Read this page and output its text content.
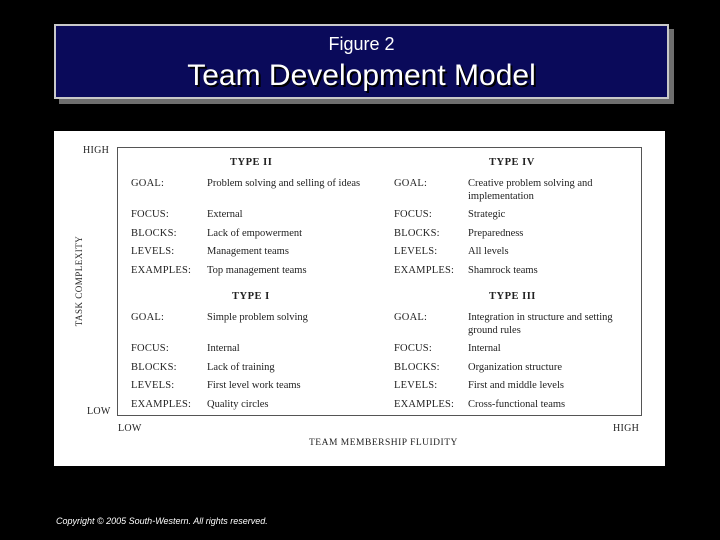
Figure 2
Team Development Model
HIGH
LOW
TASK COMPLEXITY
LOW	HIGH
TEAM MEMBERSHIP FLUIDITY
TYPE II
GOAL:	Problem solving and selling of ideas
FOCUS:	External
BLOCKS:	Lack of empowerment
LEVELS:	Management teams
EXAMPLES: Top management teams
TYPE IV
GOAL:	Creative problem solving and implementation
FOCUS:	Strategic
BLOCKS:	Preparedness
LEVELS:	All levels
EXAMPLES: Shamrock teams
TYPE I
GOAL:	Simple problem solving
FOCUS:	Internal
BLOCKS:	Lack of training
LEVELS:	First level work teams
EXAMPLES: Quality circles
TYPE III
GOAL:	Integration in structure and setting ground rules
FOCUS:	Internal
BLOCKS:	Organization structure
LEVELS:	First and middle levels
EXAMPLES: Cross-functional teams
Copyright © 2005 South-Western. All rights reserved.
